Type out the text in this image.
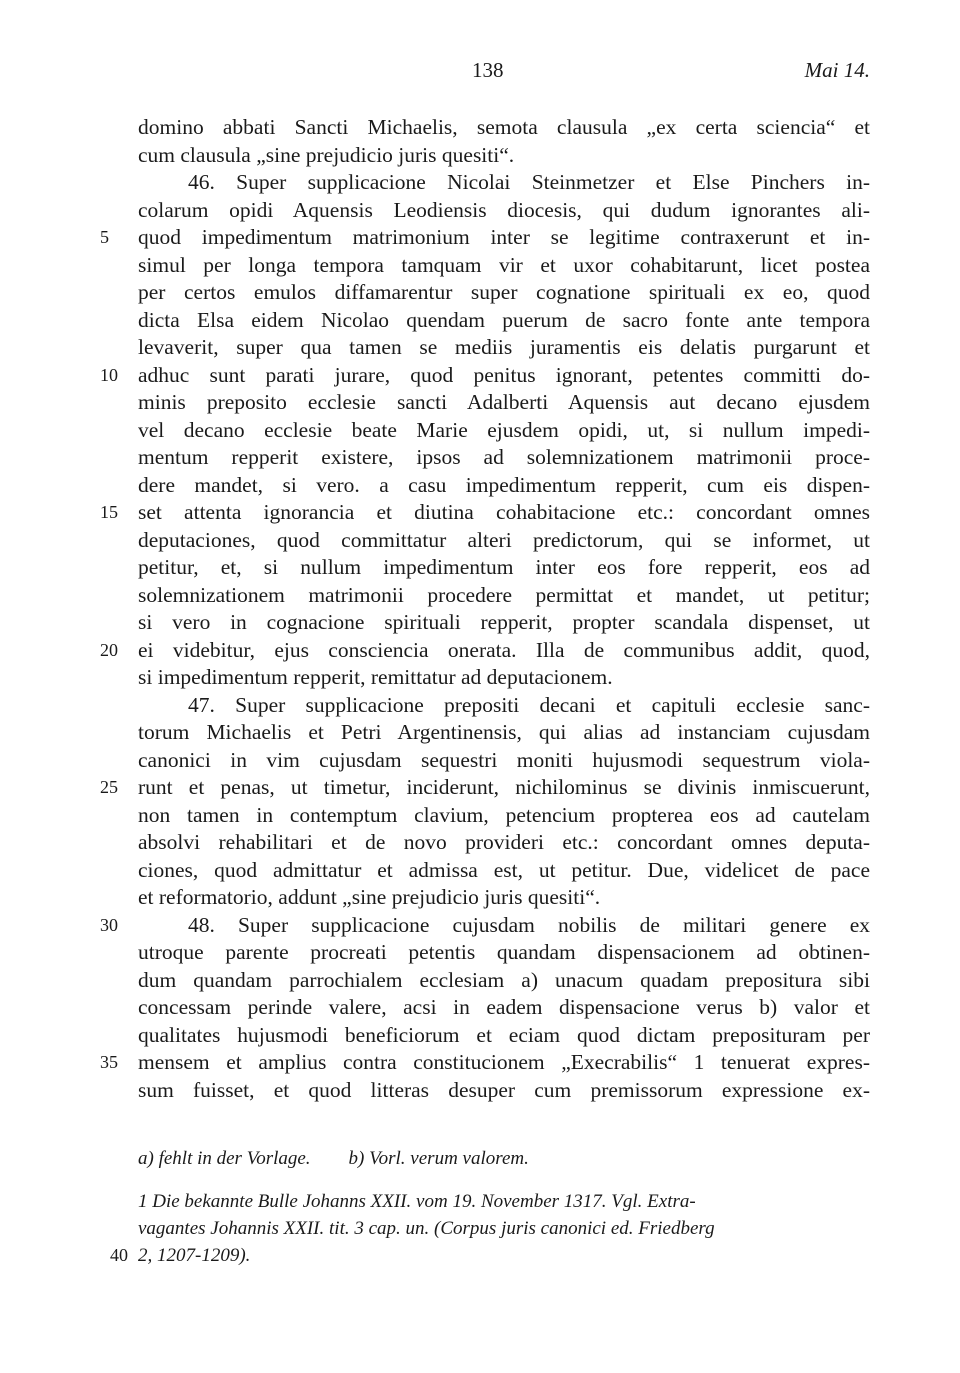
138	Mai 14.
domino abbati Sancti Michaelis, semota clausula „ex certa sciencia“ et
cum clausula „sine prejudicio juris quesiti“.
46. Super supplicacione Nicolai Steinmetzer et Else Pinchers in-
colarum opidi Aquensis Leodiensis diocesis, qui dudum ignorantes ali-
5	quod impedimentum matrimonium inter se legitime contraxerunt et in-
simul per longa tempora tamquam vir et uxor cohabitarunt, licet postea
per certos emulos diffamarentur super cognatione spirituali ex eo, quod
dicta Elsa eidem Nicolao quendam puerum de sacro fonte ante tempora
levaverit, super qua tamen se mediis juramentis eis delatis purgarunt et
10 adhuc sunt parati jurare, quod penitus ignorant, petentes committi do-
minis preposito ecclesie sancti Adalberti Aquensis aut decano ejusdem
vel decano ecclesie beate Marie ejusdem opidi, ut, si nullum impedi-
mentum repperit existere, ipsos ad solemnizationem matrimonii proce-
dere mandet, si vero. a casu impedimentum repperit, cum eis dispen-
15 set attenta ignorancia et diutina cohabitacione etc.: concordant omnes
deputaciones, quod committatur alteri predictorum, qui se informet, ut
petitur, et, si nullum impedimentum inter eos fore repperit, eos ad
solemnizationem matrimonii procedere permittat et mandet, ut petitur;
si vero in cognacione spirituali repperit, propter scandala dispenset, ut
20 ei videbitur, ejus consciencia onerata. Illa de communibus addit, quod,
si impedimentum repperit, remittatur ad deputacionem.
47. Super supplicacione prepositi decani et capituli ecclesie sanc-
torum Michaelis et Petri Argentinensis, qui alias ad instanciam cujusdam
canonici in vim cujusdam sequestri moniti hujusmodi sequestrum viola-
25 runt et penas, ut timetur, inciderunt, nichilominus se divinis inmiscuerunt,
non tamen in contemptum clavium, petencium propterea eos ad cautelam
absolvi rehabilitari et de novo provideri etc.: concordant omnes deputa-
ciones, quod admittatur et admissa est, ut petitur. Due, videlicet de pace
et reformatorio, addunt „sine prejudicio juris quesiti“.
30	48. Super supplicacione cujusdam nobilis de militari genere ex
utroque parente procreati petentis quandam dispensacionem ad obtinen-
dum quandam parrochialem ecclesiam a) unacum quadam prepositura sibi
concessam perinde valere, acsi in eadem dispensacione verus b) valor et
qualitates hujusmodi beneficiorum et eciam quod dictam preposituram per
35 mensem et amplius contra constitucionem „Execrabilis“ 1 tenuerat expres-
sum fuisset, et quod litteras desuper cum premissorum expressione ex-
a) fehlt in der Vorlage.        b) Vorl. verum valorem.
1 Die bekannte Bulle Johanns XXII. vom 19. November 1317. Vgl. Extra-
vagantes Johannis XXII. tit. 3 cap. un. (Corpus juris canonici ed. Friedberg
40 2, 1207-1209).
